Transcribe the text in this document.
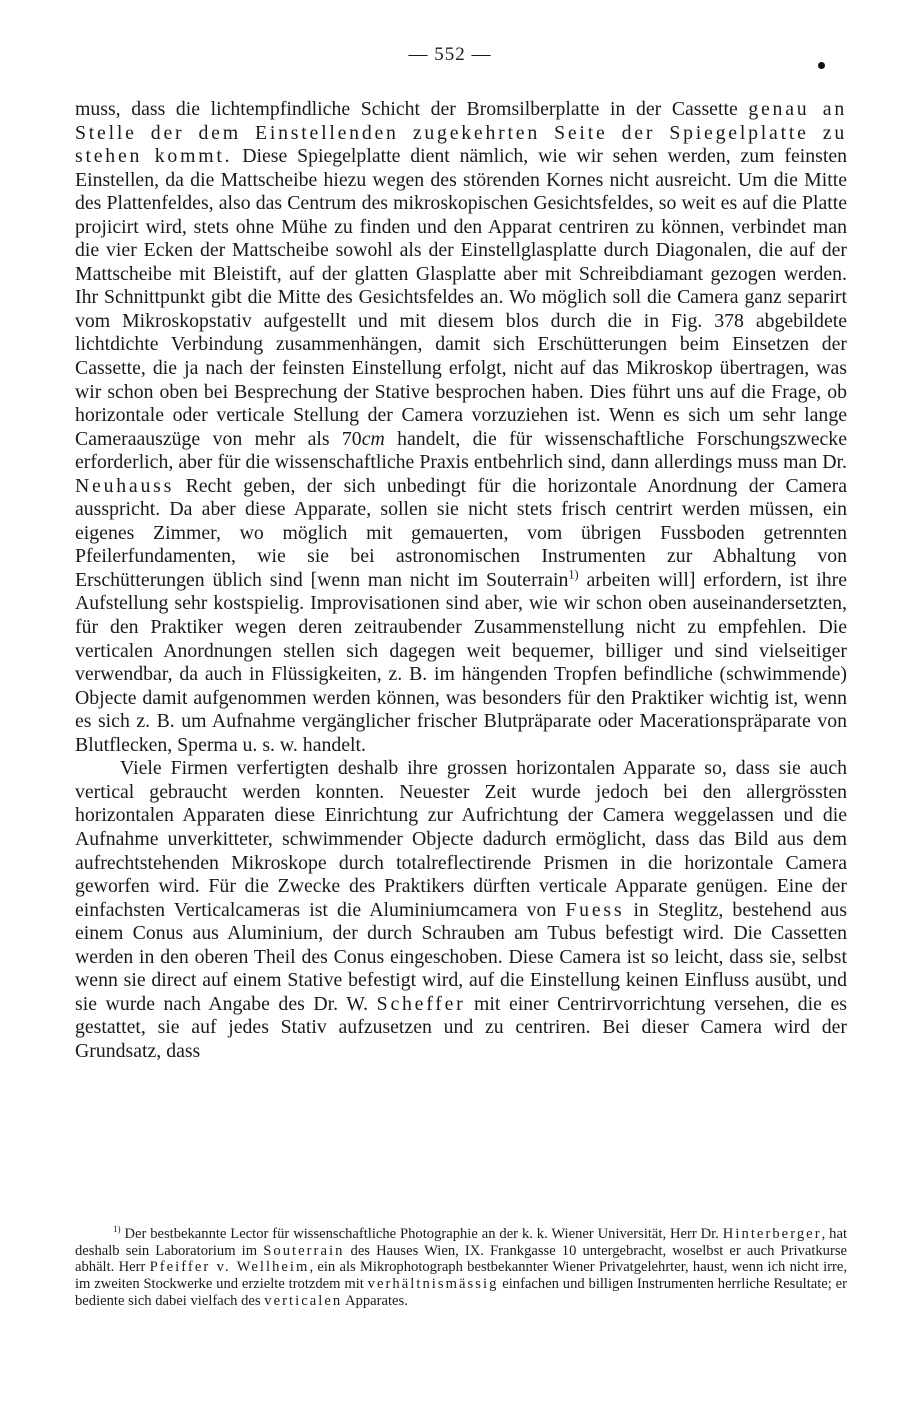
— 552 —

muss, dass die lichtempfindliche Schicht der Bromsilberplatte in der Cassette genau an Stelle der dem Einstellenden zugekehrten Seite der Spiegelplatte zu stehen kommt. Diese Spiegelplatte dient nämlich, wie wir sehen werden, zum feinsten Einstellen, da die Mattscheibe hiezu wegen des störenden Kornes nicht ausreicht. Um die Mitte des Plattenfeldes, also das Centrum des mikroskopischen Gesichtsfeldes, so weit es auf die Platte projicirt wird, stets ohne Mühe zu finden und den Apparat centriren zu können, verbindet man die vier Ecken der Mattscheibe sowohl als der Einstellglasplatte durch Diagonalen, die auf der Mattscheibe mit Bleistift, auf der glatten Glasplatte aber mit Schreibdiamant gezogen werden. Ihr Schnittpunkt gibt die Mitte des Gesichtsfeldes an. Wo möglich soll die Camera ganz separirt vom Mikroskopstativ aufgestellt und mit diesem blos durch die in Fig. 378 abgebildete lichtdichte Verbindung zusammenhängen, damit sich Erschütterungen beim Einsetzen der Cassette, die ja nach der feinsten Einstellung erfolgt, nicht auf das Mikroskop übertragen, was wir schon oben bei Besprechung der Stative besprochen haben. Dies führt uns auf die Frage, ob horizontale oder verticale Stellung der Camera vorzuziehen ist. Wenn es sich um sehr lange Cameraauszüge von mehr als 70cm handelt, die für wissenschaftliche Forschungszwecke erforderlich, aber für die wissenschaftliche Praxis entbehrlich sind, dann allerdings muss man Dr. Neuhauss Recht geben, der sich unbedingt für die horizontale Anordnung der Camera ausspricht. Da aber diese Apparate, sollen sie nicht stets frisch centrirt werden müssen, ein eigenes Zimmer, wo möglich mit gemauerten, vom übrigen Fussboden getrennten Pfeilerfundamenten, wie sie bei astronomischen Instrumenten zur Abhaltung von Erschütterungen üblich sind [wenn man nicht im Souterrain$^{1)}$ arbeiten will] erfordern, ist ihre Aufstellung sehr kostspielig. Improvisationen sind aber, wie wir schon oben auseinandersetzten, für den Praktiker wegen deren zeitraubender Zusammenstellung nicht zu empfehlen. Die verticalen Anordnungen stellen sich dagegen weit bequemer, billiger und sind vielseitiger verwendbar, da auch in Flüssigkeiten, z. B. im hängenden Tropfen befindliche (schwimmende) Objecte damit aufgenommen werden können, was besonders für den Praktiker wichtig ist, wenn es sich z. B. um Aufnahme vergänglicher frischer Blutpräparate oder Macerationspräparate von Blutflecken, Sperma u. s. w. handelt.

Viele Firmen verfertigten deshalb ihre grossen horizontalen Apparate so, dass sie auch vertical gebraucht werden konnten. Neuester Zeit wurde jedoch bei den allergrössten horizontalen Apparaten diese Einrichtung zur Aufrichtung der Camera weggelassen und die Aufnahme unverkitteter, schwimmender Objecte dadurch ermöglicht, dass das Bild aus dem aufrechtstehenden Mikroskope durch totalreflectirende Prismen in die horizontale Camera geworfen wird. Für die Zwecke des Praktikers dürften verticale Apparate genügen. Eine der einfachsten Verticalcameras ist die Aluminiumcamera von Fuess in Steglitz, bestehend aus einem Conus aus Aluminium, der durch Schrauben am Tubus befestigt wird. Die Cassetten werden in den oberen Theil des Conus eingeschoben. Diese Camera ist so leicht, dass sie, selbst wenn sie direct auf einem Stative befestigt wird, auf die Einstellung keinen Einfluss ausübt, und sie wurde nach Angabe des Dr. W. Scheffer mit einer Centrirvorrichtung versehen, die es gestattet, sie auf jedes Stativ aufzusetzen und zu centriren. Bei dieser Camera wird der Grundsatz, dass

$^{1)}$ Der bestbekannte Lector für wissenschaftliche Photographie an der k. k. Wiener Universität, Herr Dr. Hinterberger, hat deshalb sein Laboratorium im Souterrain des Hauses Wien, IX. Frankgasse 10 untergebracht, woselbst er auch Privatkurse abhält. Herr Pfeiffer v. Wellheim, ein als Mikrophotograph bestbekannter Wiener Privatgelehrter, haust, wenn ich nicht irre, im zweiten Stockwerke und erzielte trotzdem mit verhältnismässig einfachen und billigen Instrumenten herrliche Resultate; er bediente sich dabei vielfach des verticalen Apparates.
